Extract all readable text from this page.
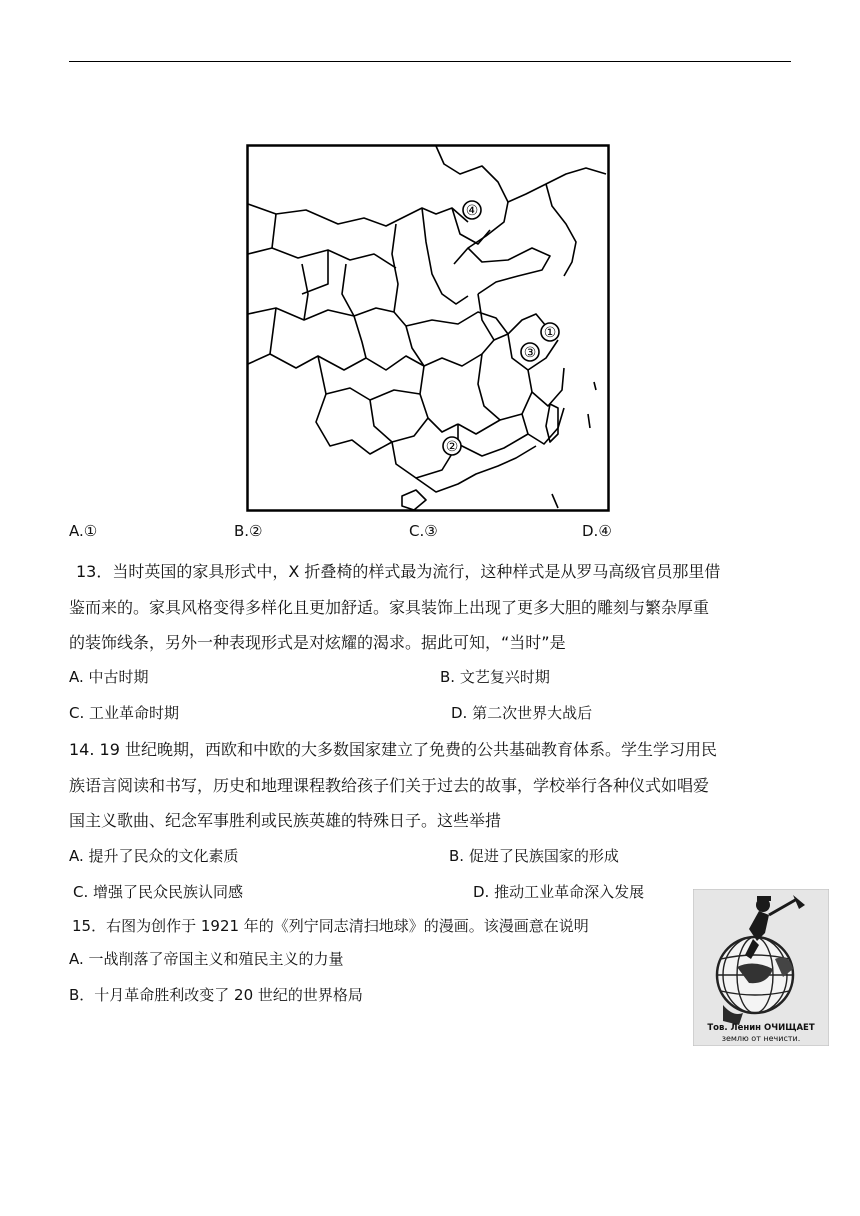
④
①
③
②
A.①	B.②	C.③	D.④
13．当时英国的家具形式中，X 折叠椅的样式最为流行，这种样式是从罗马高级官员那里借
鉴而来的。家具风格变得多样化且更加舒适。家具装饰上出现了更多大胆的雕刻与繁杂厚重
的装饰线条，另外一种表现形式是对炫耀的渴求。据此可知，“当时”是
A. 中古时期	B. 文艺复兴时期
C. 工业革命时期	D. 第二次世界大战后
14. 19 世纪晚期，西欧和中欧的大多数国家建立了免费的公共基础教育体系。学生学习用民
族语言阅读和书写，历史和地理课程教给孩子们关于过去的故事，学校举行各种仪式如唱爱
国主义歌曲、纪念军事胜利或民族英雄的特殊日子。这些举措
A. 提升了民众的文化素质	B. 促进了民族国家的形成
C. 增强了民众民族认同感	D. 推动工业革命深入发展
15．右图为创作于 1921 年的《列宁同志清扫地球》的漫画。该漫画意在说明
A. 一战削落了帝国主义和殖民主义的力量
B．十月革命胜利改变了 20 世纪的世界格局
Тов. Ленин ОЧИЩАЕТ
землю от нечисти.
